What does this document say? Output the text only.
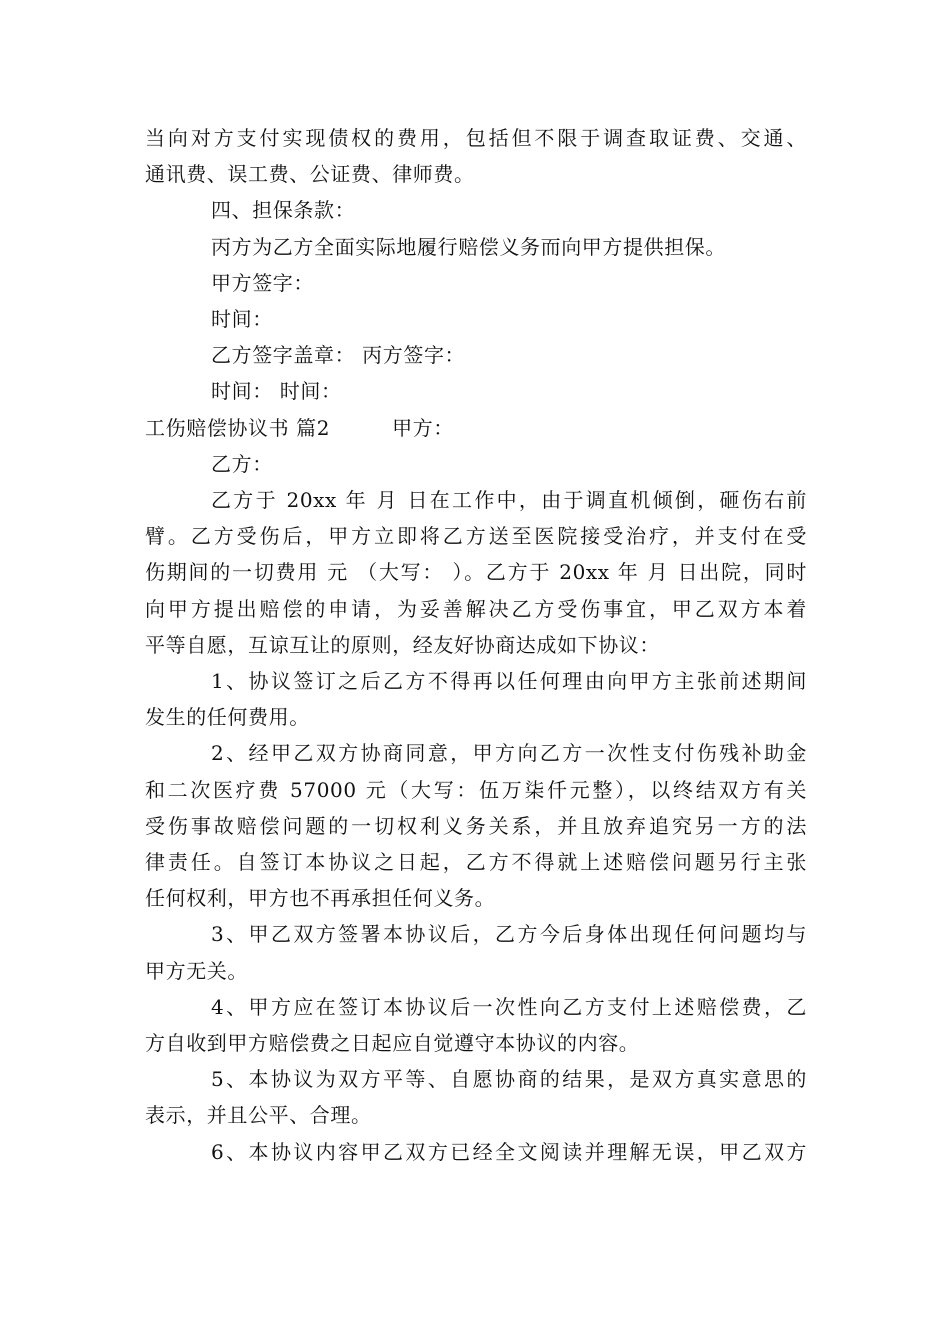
当向对方支付实现债权的费用，包括但不限于调查取证费、交通、
通讯费、误工费、公证费、律师费。
四、担保条款：
丙方为乙方全面实际地履行赔偿义务而向甲方提供担保。
甲方签字：
时间：
乙方签字盖章： 丙方签字：
时间： 时间：
工伤赔偿协议书 篇2	甲方：
乙方：
乙方于 20xx 年 月 日在工作中，由于调直机倾倒，砸伤右前
臂。乙方受伤后，甲方立即将乙方送至医院接受治疗，并支付在受
伤期间的一切费用 元 （大写： ）。乙方于 20xx 年 月 日出院，同时
向甲方提出赔偿的申请，为妥善解决乙方受伤事宜，甲乙双方本着
平等自愿，互谅互让的原则，经友好协商达成如下协议：
1、协议签订之后乙方不得再以任何理由向甲方主张前述期间
发生的任何费用。
2、经甲乙双方协商同意，甲方向乙方一次性支付伤残补助金
和二次医疗费 57000 元（大写：伍万柒仟元整），以终结双方有关
受伤事故赔偿问题的一切权利义务关系，并且放弃追究另一方的法
律责任。自签订本协议之日起，乙方不得就上述赔偿问题另行主张
任何权利，甲方也不再承担任何义务。
3、甲乙双方签署本协议后，乙方今后身体出现任何问题均与
甲方无关。
4、甲方应在签订本协议后一次性向乙方支付上述赔偿费，乙
方自收到甲方赔偿费之日起应自觉遵守本协议的内容。
5、本协议为双方平等、自愿协商的结果，是双方真实意思的
表示，并且公平、合理。
6、本协议内容甲乙双方已经全文阅读并理解无误，甲乙双方
